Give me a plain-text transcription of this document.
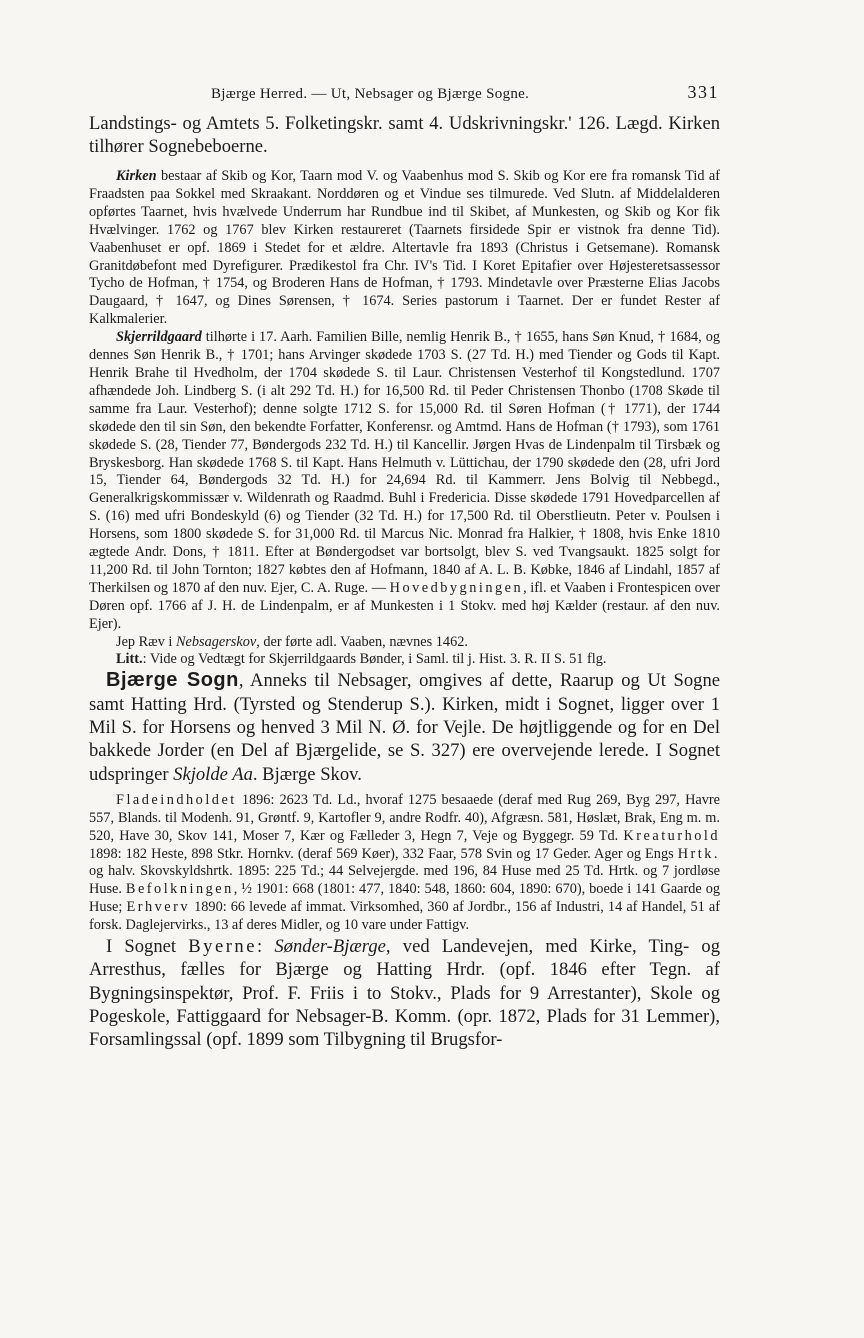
Bjærge Herred. — Ut, Nebsager og Bjærge Sogne.	331

Landstings- og Amtets 5. Folketingskr. samt 4. Udskrivningskr.' 126. Lægd. Kirken tilhører Sognebeboerne.

Kirken bestaar af Skib og Kor, Taarn mod V. og Vaabenhus mod S. Skib og Kor ere fra romansk Tid af Fraadsten paa Sokkel med Skraakant. Norddøren og et Vindue ses tilmurede. Ved Slutn. af Middelalderen opførtes Taarnet, hvis hvælvede Underrum har Rundbue ind til Skibet, af Munkesten, og Skib og Kor fik Hvælvinger. 1762 og 1767 blev Kirken restaureret (Taarnets firsidede Spir er vistnok fra denne Tid). Vaabenhuset er opf. 1869 i Stedet for et ældre. Altertavle fra 1893 (Christus i Getsemane). Romansk Granitdøbefont med Dyrefigurer. Prædikestol fra Chr. IV's Tid. I Koret Epitafier over Højesteretsassessor Tycho de Hofman, † 1754, og Broderen Hans de Hofman, † 1793. Mindetavle over Præsterne Elias Jacobs Daugaard, † 1647, og Dines Sørensen, † 1674. Series pastorum i Taarnet. Der er fundet Rester af Kalkmalerier.

Skjerrildgaard tilhørte i 17. Aarh. Familien Bille, nemlig Henrik B., † 1655, hans Søn Knud, † 1684, og dennes Søn Henrik B., † 1701; hans Arvinger skødede 1703 S. (27 Td. H.) med Tiender og Gods til Kapt. Henrik Brahe til Hvedholm, der 1704 skødede S. til Laur. Christensen Vesterhof til Kongstedlund. 1707 afhændede Joh. Lindberg S. (i alt 292 Td. H.) for 16,500 Rd. til Peder Christensen Thonbo (1708 Skøde til samme fra Laur. Vesterhof); denne solgte 1712 S. for 15,000 Rd. til Søren Hofman († 1771), der 1744 skødede den til sin Søn, den bekendte Forfatter, Konferensr. og Amtmd. Hans de Hofman († 1793), som 1761 skødede S. (28, Tiender 77, Bøndergods 232 Td. H.) til Kancellir. Jørgen Hvas de Lindenpalm til Tirsbæk og Bryskesborg. Han skødede 1768 S. til Kapt. Hans Helmuth v. Lüttichau, der 1790 skødede den (28, ufri Jord 15, Tiender 64, Bøndergods 32 Td. H.) for 24,694 Rd. til Kammerr. Jens Bolvig til Nebbegd., Generalkrigskommissær v. Wildenrath og Raadmd. Buhl i Fredericia. Disse skødede 1791 Hovedparcellen af S. (16) med ufri Bondeskyld (6) og Tiender (32 Td. H.) for 17,500 Rd. til Oberstlieutn. Peter v. Poulsen i Horsens, som 1800 skødede S. for 31,000 Rd. til Marcus Nic. Monrad fra Halkier, † 1808, hvis Enke 1810 ægtede Andr. Dons, † 1811. Efter at Bøndergodset var bortsolgt, blev S. ved Tvangsaukt. 1825 solgt for 11,200 Rd. til John Tornton; 1827 købtes den af Hofmann, 1840 af A. L. B. Købke, 1846 af Lindahl, 1857 af Therkilsen og 1870 af den nuv. Ejer, C. A. Ruge. — Hovedbygningen, ifl. et Vaaben i Frontespicen over Døren opf. 1766 af J. H. de Lindenpalm, er af Munkesten i 1 Stokv. med høj Kælder (restaur. af den nuv. Ejer).

Jep Ræv i Nebsagerskov, der førte adl. Vaaben, nævnes 1462.

Litt.: Vide og Vedtægt for Skjerrildgaards Bønder, i Saml. til j. Hist. 3. R. II S. 51 flg.

Bjærge Sogn, Anneks til Nebsager, omgives af dette, Raarup og Ut Sogne samt Hatting Hrd. (Tyrsted og Stenderup S.). Kirken, midt i Sognet, ligger over 1 Mil S. for Horsens og henved 3 Mil N. Ø. for Vejle. De højtliggende og for en Del bakkede Jorder (en Del af Bjærgelide, se S. 327) ere overvejende lerede. I Sognet udspringer Skjolde Aa. Bjærge Skov.

Fladeindholdet 1896: 2623 Td. Ld., hvoraf 1275 besaaede (deraf med Rug 269, Byg 297, Havre 557, Blands. til Modenh. 91, Grøntf. 9, Kartofler 9, andre Rodfr. 40), Afgræsn. 581, Høslæt, Brak, Eng m. m. 520, Have 30, Skov 141, Moser 7, Kær og Fælleder 3, Hegn 7, Veje og Byggegr. 59 Td. Kreaturhold 1898: 182 Heste, 898 Stkr. Hornkv. (deraf 569 Køer), 332 Faar, 578 Svin og 17 Geder. Ager og Engs Hrtk. og halv. Skovskyldshrtk. 1895: 225 Td.; 44 Selvejergde. med 196, 84 Huse med 25 Td. Hrtk. og 7 jordløse Huse. Befolkningen, ½ 1901: 668 (1801: 477, 1840: 548, 1860: 604, 1890: 670), boede i 141 Gaarde og Huse; Erhverv 1890: 66 levede af immat. Virksomhed, 360 af Jordbr., 156 af Industri, 14 af Handel, 51 af forsk. Daglejervirks., 13 af deres Midler, og 10 vare under Fattigv.

I Sognet Byerne: Sønder-Bjærge, ved Landevejen, med Kirke, Ting- og Arresthus, fælles for Bjærge og Hatting Hrdr. (opf. 1846 efter Tegn. af Bygningsinspektør, Prof. F. Friis i to Stokv., Plads for 9 Arrestanter), Skole og Pogeskole, Fattiggaard for Nebsager-B. Komm. (opr. 1872, Plads for 31 Lemmer), Forsamlingssal (opf. 1899 som Tilbygning til Brugsfor-
